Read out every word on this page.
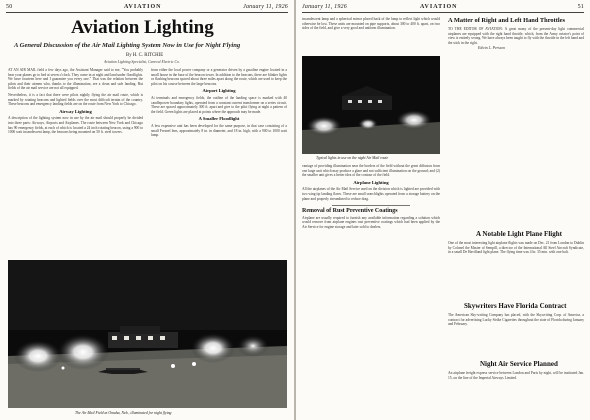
50	AVIATION	January 11, 1926
Aviation Lighting
A General Discussion of the Air Mail Lighting System Now in Use for Night Flying
By H. C. RITCHIE
Aviation Lighting Specialist, General Electric Co.
AT AN AIR MAIL field a few days ago, the Assistant Manager said to me, "You probably hear your planes go to bed at seven o'clock. They come in at night and land under floodlights. We have fourteen here and I guarantee you every one." That was the relation between the pilots and their airmen who, thanks to the illumination, see a clean and safe landing. But fields of the air mail service are not all equipped.
Nevertheless, it is a fact that there were pilots nightly flying the air mail route, which is marked by rotating beacons and lighted fields over the most difficult terrain of the country. These beacons and emergency landing fields are on the route from New York to Chicago.
Airway Lighting
A description of the lighting system now in use by the air mail should properly be divided into three parts: Airways, Airports and Airplanes. The route between New York and Chicago has 90 emergency fields, at each of which is located a 24 inch rotating beacon, using a 900 to 1000 watt incandescent lamp, the beacons being mounted on 50 ft. steel towers.
from either the local power company or a generator driven by a gasoline engine located in a small house in the base of the beacon tower. In addition to the beacons, there are blinker lights or flashing beacons spaced about three miles apart along the route, which are used to keep the pilot on his course between the large beacons.
Airport Lighting
At terminals and emergency fields, the outline of the landing space is marked with 40 candlepower boundary lights, operated from a constant current transformer on a series circuit. These are spaced approximately 300 ft. apart and give to the pilot flying at night a pattern of the field. Green lights are placed at points where the approach may be made.
A Smaller Floodlight
A less expensive unit has been developed for the same purpose, in that case consisting of a small Fresnel lens, approximately 8 in. in diameter, and 18 in. high, with a 900 to 1000 watt lamp.
The Air Mail Field at Omaha, Neb., illuminated for night flying
January 11, 1926	AVIATION	51
incandescent lamp and a spherical mirror placed back of the lamp to reflect light which would otherwise be lost. These units are mounted on pipe supports, about 300 to 400 ft. apart, on two sides of the field, and give a very good and uniform illumination.
Typical lights in use on the night Air Mail route
vantage of providing illumination near the borders of the field without the great diffusion from one large unit which may produce a glare and not sufficient illumination on the ground; and (2) the smaller unit gives a better idea of the contour of the field.
Airplane Lighting
All the airplanes of the Air Mail Service used on the division which is lighted are provided with two wing tip landing flares. These are small searchlights operated from a storage battery on the plane and properly streamlined to reduce drag.
Removal of Rust Preventive Coatings
Airplane are usually required to furnish any available information regarding a solution which would remove from airplane engines rust preventive coatings which had been applied by the Air Service for engine storage and later sold to dealers.
A Matter of Right and Left Hand Throttles
TO THE EDITOR OF AVIATION: A great many of the present-day light commercial airplanes are equipped with the right hand throttle, which, from the Army aviator's point of view is entirely wrong. We have always been taught to fly with the throttle in the left hand and the stick in the right.
Edwin L. Persson
A Notable Light Plane Flight
One of the most interesting light airplane flights was made on Dec. 21 from London to Dublin by Colonel the Master of Sempill, a director of the International All Steel Aircraft Syndicate, in a small De Havilland light plane. The flying time was 4 hr. 35 min. with one halt.
Skywriters Have Florida Contract
The American Sky-writing Company has placed, with the Skywriting Corp. of America, a contract for advertising Lucky Strike Cigarettes throughout the state of Florida during January and February.
Night Air Service Planned
An airplane freight express service between London and Paris by night, will be instituted Jan. 15, on the line of the Imperial Airways Limited.
